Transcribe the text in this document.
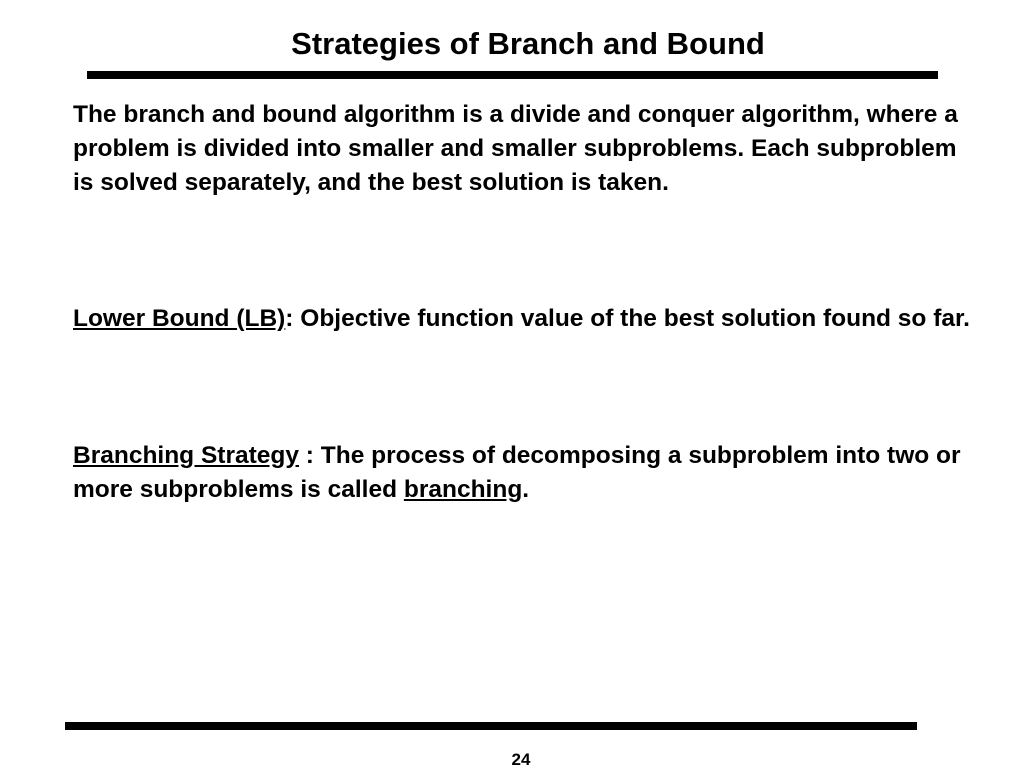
Strategies of Branch and Bound
The branch and bound algorithm is a divide and conquer algorithm, where a problem is divided into smaller and smaller subproblems. Each subproblem is solved separately, and the best solution is taken.
Lower Bound (LB): Objective function value of the best solution found so far.
Branching Strategy : The process of decomposing a subproblem into two or more subproblems is called branching.
24
